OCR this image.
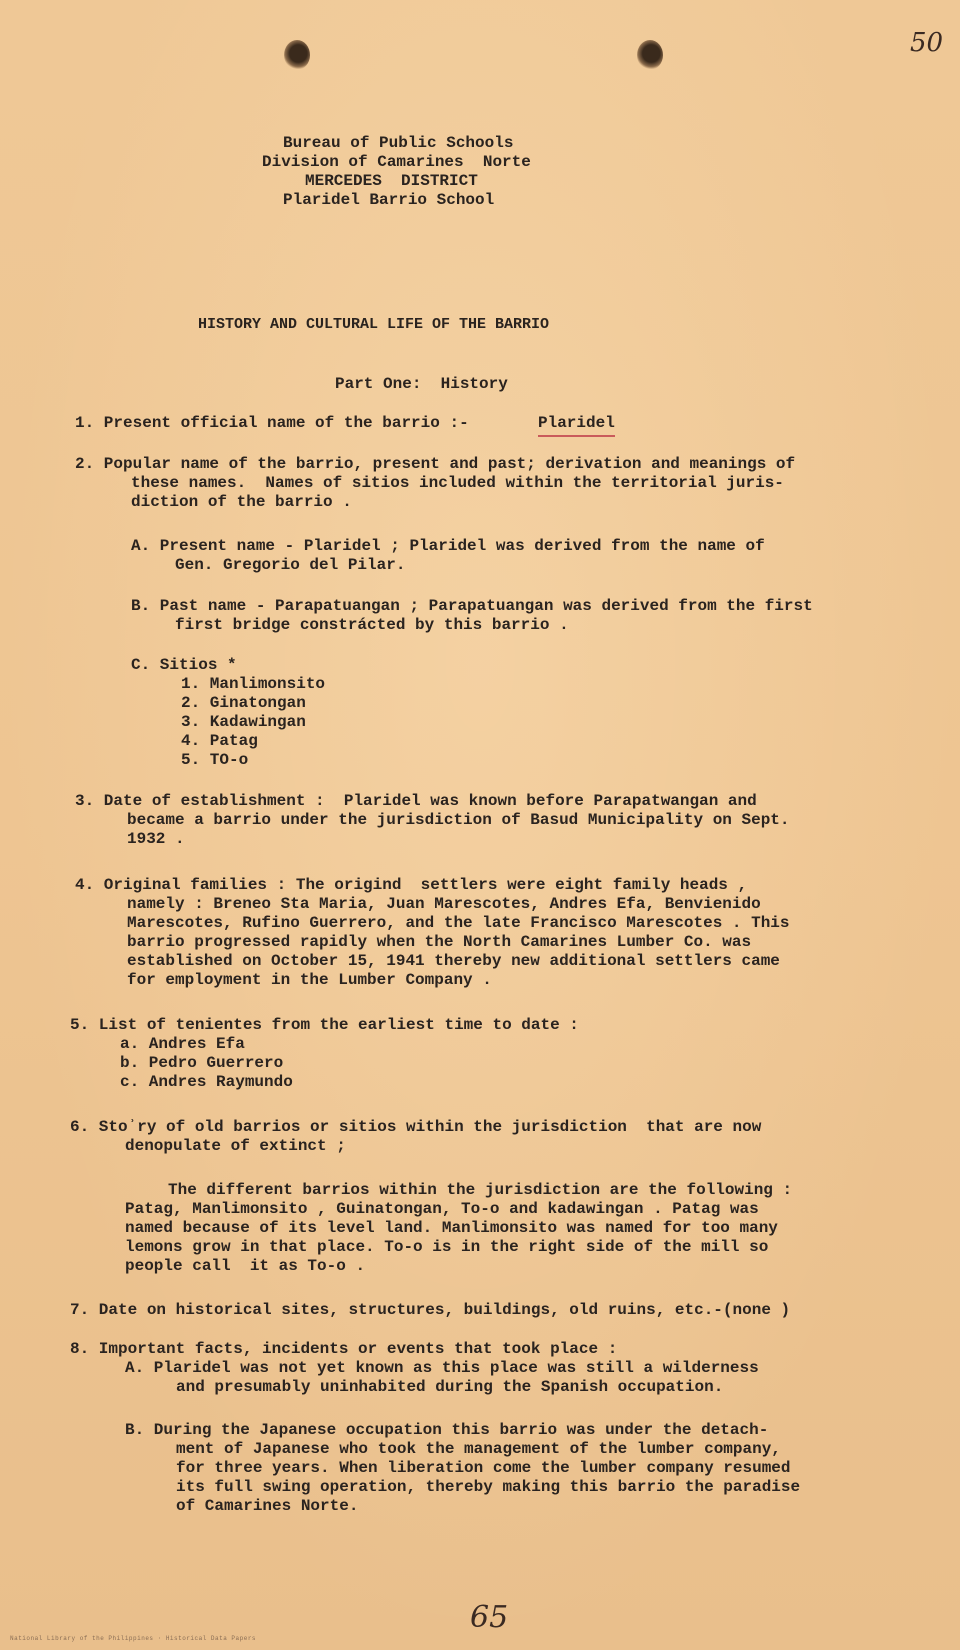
50
Bureau of Public Schools
Division of Camarines  Norte
MERCEDES  DISTRICT
Plaridel Barrio School
HISTORY AND CULTURAL LIFE OF THE BARRIO
Part One:  History
1. Present official name of the barrio :-	Plaridel
2. Popular name of the barrio, present and past; derivation and meanings of
these names.  Names of sitios included within the territorial juris-
diction of the barrio .
A. Present name - Plaridel ; Plaridel was derived from the name of
Gen. Gregorio del Pilar.
B. Past name - Parapatuangan ; Parapatuangan was derived from the first
first bridge constrácted by this barrio .
C. Sitios *
1. Manlimonsito
2. Ginatongan
3. Kadawingan
4. Patag
5. TO-o
3. Date of establishment :  Plaridel was known before Parapatwangan and
became a barrio under the jurisdiction of Basud Municipality on Sept.
1932 .
4. Original families : The origind  settlers were eight family heads ,
namely : Breneo Sta Maria, Juan Marescotes, Andres Efa, Benvienido
Marescotes, Rufino Guerrero, and the late Francisco Marescotes . This
barrio progressed rapidly when the North Camarines Lumber Co. was
established on October 15, 1941 thereby new additional settlers came
for employment in the Lumber Company .
5. List of tenientes from the earliest time to date :
a. Andres Efa
b. Pedro Guerrero
c. Andres Raymundo
6. Stoʾry of old barrios or sitios within the jurisdiction  that are now
denopulate of extinct ;
The different barrios within the jurisdiction are the following :
Patag, Manlimonsito , Guinatongan, To-o and kadawingan . Patag was
named because of its level land. Manlimonsito was named for too many
lemons grow in that place. To-o is in the right side of the mill so
people call  it as To-o .
7. Date on historical sites, structures, buildings, old ruins, etc.-(none )
8. Important facts, incidents or events that took place :
A. Plaridel was not yet known as this place was still a wilderness
and presumably uninhabited during the Spanish occupation.
B. During the Japanese occupation this barrio was under the detach-
ment of Japanese who took the management of the lumber company,
for three years. When liberation come the lumber company resumed
its full swing operation, thereby making this barrio the paradise
of Camarines Norte.
65
National Library of the Philippines · Historical Data Papers
